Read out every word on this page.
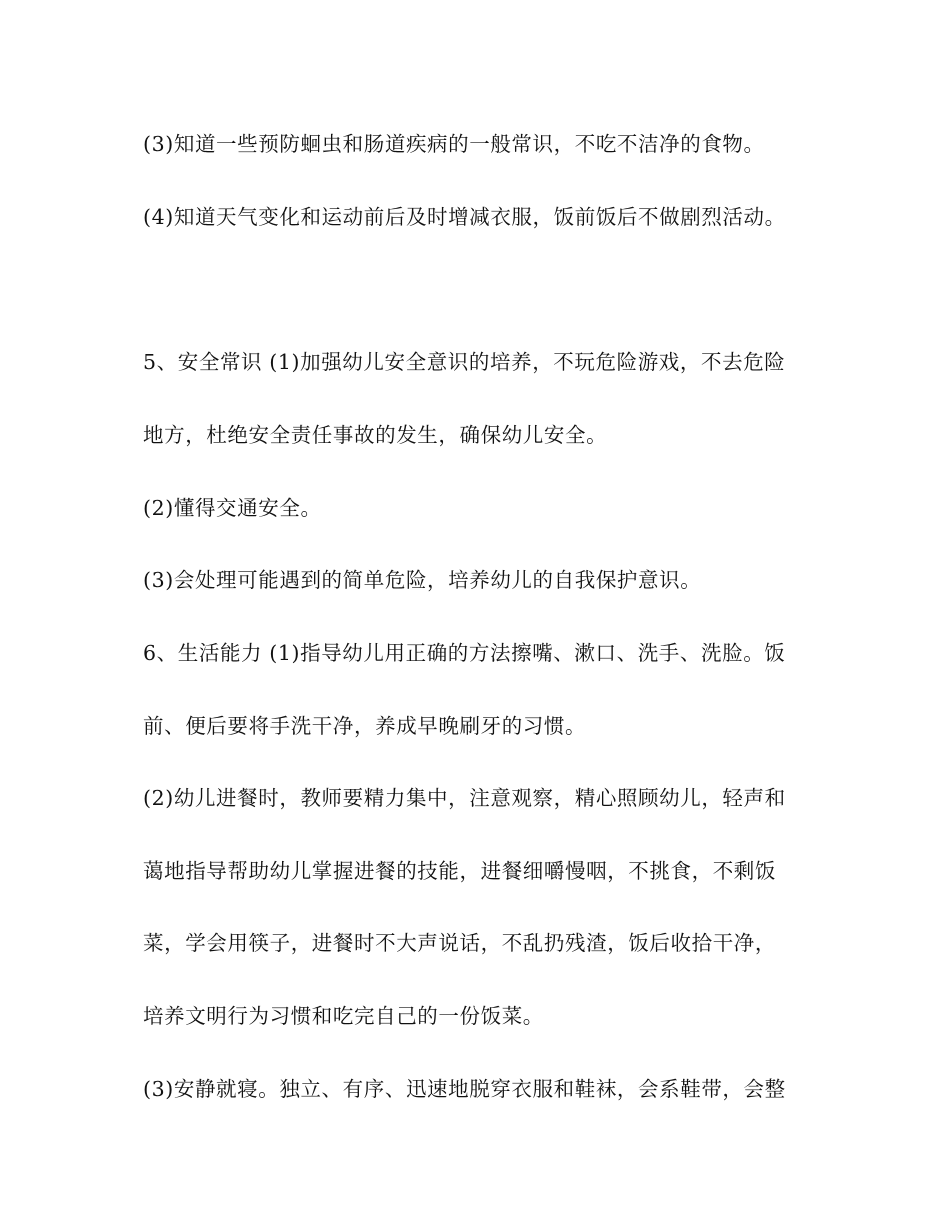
(3)知道一些预防蛔虫和肠道疾病的一般常识，不吃不洁净的食物。
(4)知道天气变化和运动前后及时增减衣服，饭前饭后不做剧烈活动。
5、安全常识 (1)加强幼儿安全意识的培养，不玩危险游戏，不去危险
地方，杜绝安全责任事故的发生，确保幼儿安全。
(2)懂得交通安全。
(3)会处理可能遇到的简单危险，培养幼儿的自我保护意识。
6、生活能力 (1)指导幼儿用正确的方法擦嘴、漱口、洗手、洗脸。饭
前、便后要将手洗干净，养成早晚刷牙的习惯。
(2)幼儿进餐时，教师要精力集中，注意观察，精心照顾幼儿，轻声和
蔼地指导帮助幼儿掌握进餐的技能，进餐细嚼慢咽，不挑食，不剩饭
菜，学会用筷子，进餐时不大声说话，不乱扔残渣，饭后收拾干净，
培养文明行为习惯和吃完自己的一份饭菜。
(3)安静就寝。独立、有序、迅速地脱穿衣服和鞋袜，会系鞋带，会整
